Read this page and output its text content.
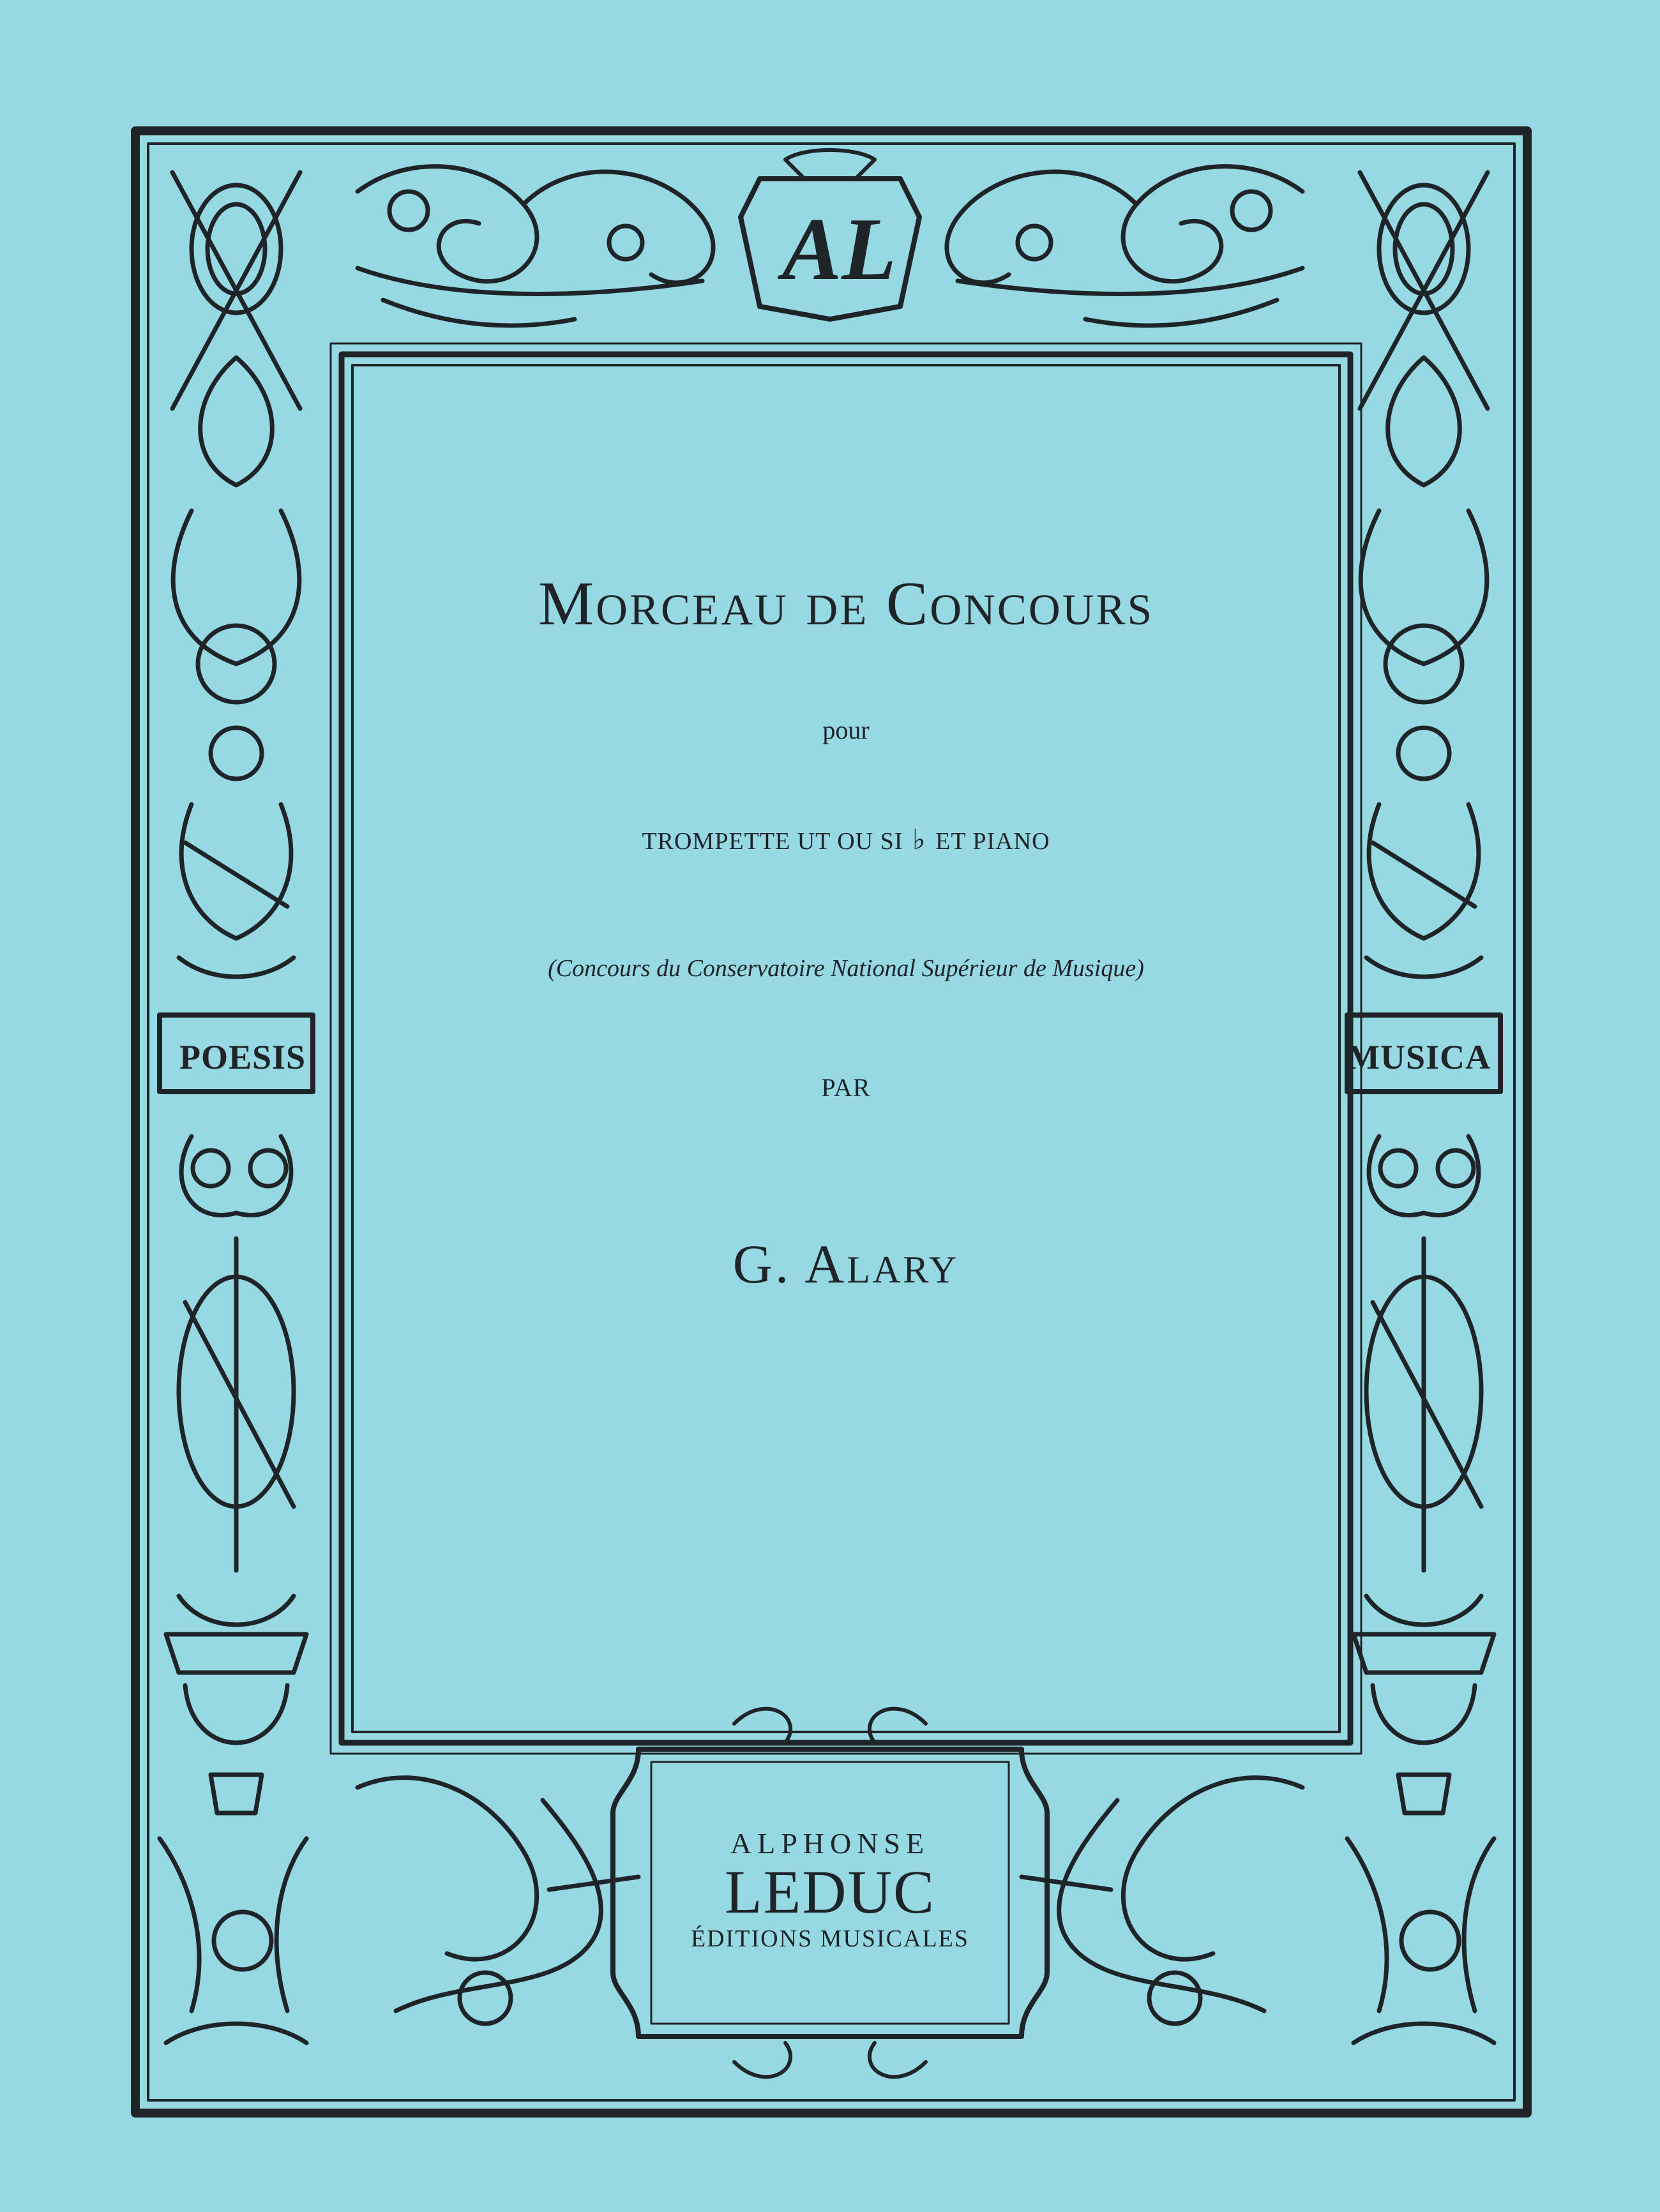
AL
POESIS	MUSICA
Morceau de Concours
pour
TROMPETTE UT OU SI ♭ ET PIANO
(Concours du Conservatoire National Supérieur de Musique)
PAR
G. Alary
ALPHONSE
LEDUC
ÉDITIONS MUSICALES
